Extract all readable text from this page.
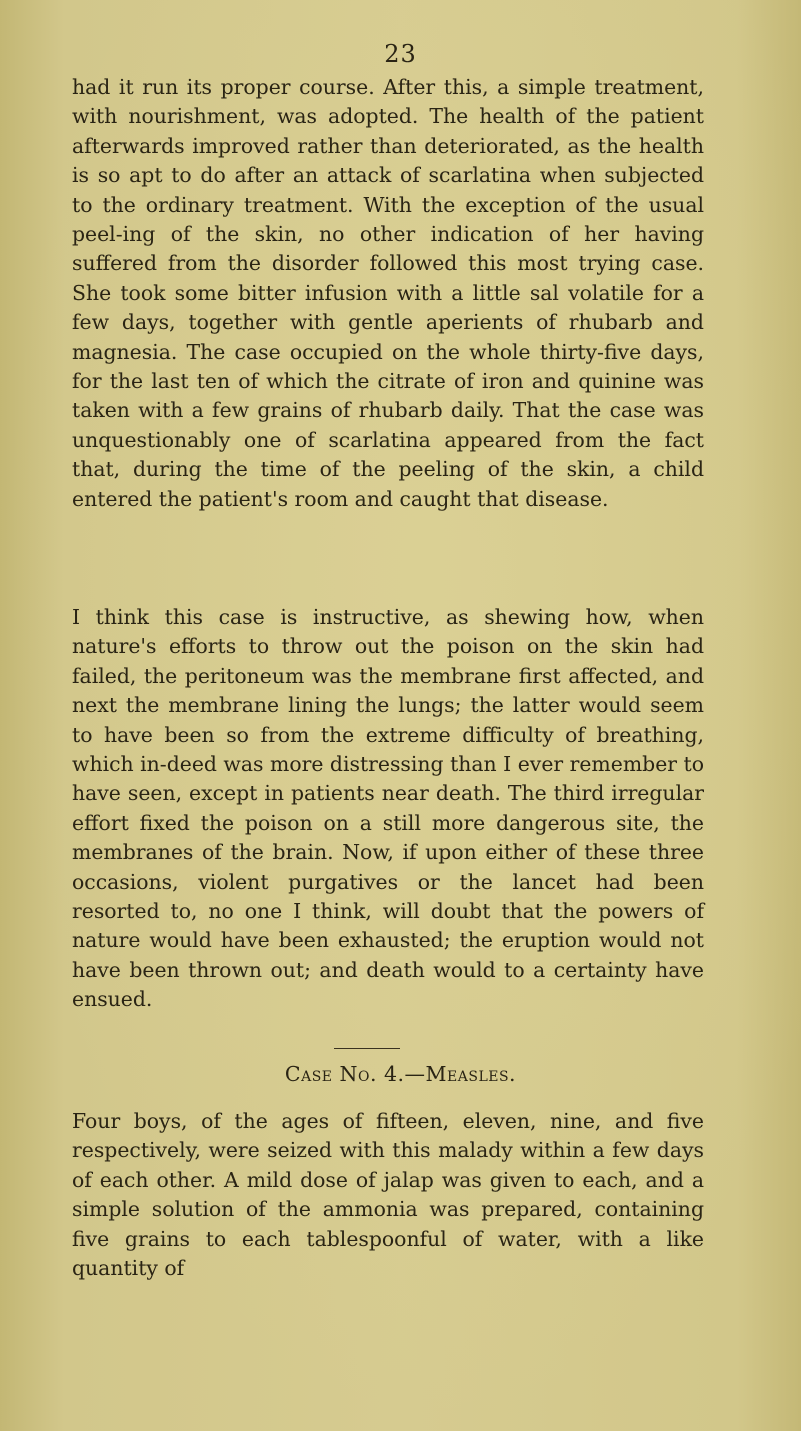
23

had it run its proper course. After this, a simple treatment, with nourishment, was adopted. The health of the patient afterwards improved rather than deteriorated, as the health is so apt to do after an attack of scarlatina when subjected to the ordinary treatment. With the exception of the usual peel-ing of the skin, no other indication of her having suffered from the disorder followed this most trying case. She took some bitter infusion with a little sal volatile for a few days, together with gentle aperients of rhubarb and magnesia. The case occupied on the whole thirty-five days, for the last ten of which the citrate of iron and quinine was taken with a few grains of rhubarb daily. That the case was unquestionably one of scarlatina appeared from the fact that, during the time of the peeling of the skin, a child entered the patient's room and caught that disease.

I think this case is instructive, as shewing how, when nature's efforts to throw out the poison on the skin had failed, the peritoneum was the membrane first affected, and next the membrane lining the lungs; the latter would seem to have been so from the extreme difficulty of breathing, which in-deed was more distressing than I ever remember to have seen, except in patients near death. The third irregular effort fixed the poison on a still more dangerous site, the membranes of the brain. Now, if upon either of these three occasions, violent purgatives or the lancet had been resorted to, no one I think, will doubt that the powers of nature would have been exhausted; the eruption would not have been thrown out; and death would to a certainty have ensued.

Case No. 4.—Measles.

Four boys, of the ages of fifteen, eleven, nine, and five respectively, were seized with this malady within a few days of each other. A mild dose of jalap was given to each, and a simple solution of the ammonia was prepared, containing five grains to each tablespoonful of water, with a like quantity of
